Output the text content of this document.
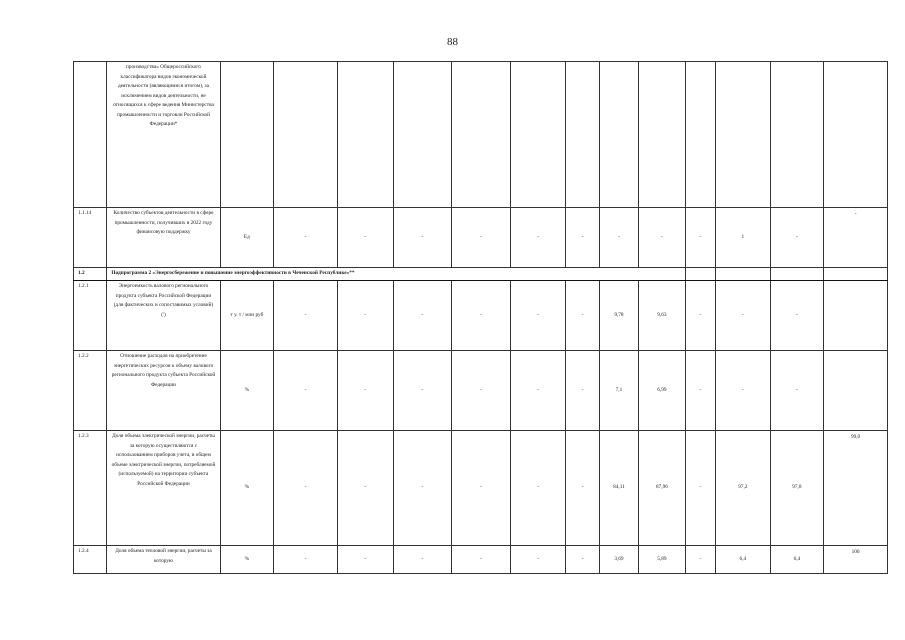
88
	производства» Общероссийского классификатора видов экономической деятельности (являющимися итогом), за исключением видов деятельности, не относящихся к сфере ведения Министерства промышленности и торговли Российской Федерации*													
1.1.14	Количество субъектов деятельности в сфере промышленности, получивших в 2022 году финансовую поддержку	Ед	-	-	-	-	-	-	-	-	-	1	-	-
1.2	Подпрограмма 2 «Энергосбережение и повышение энергоэффективности в Чеченской Республике»**													
1.2.1	Энергоемкость валового регионального продукта субъекта Российской Федерации (для фактических и сопоставимых условий) (')	т у. т / млн руб	-	-	-	-	-	-	9,78	9,63	-	-	-	
1.2.2	Отношение расходов на приобретение энергетических ресурсов к объему валового регионального продукта субъекта Российской Федерации	%	-	-	-	-	-	-	7,1	6,99	-	-	-	
1.2.3	Доля объема электрической энергии, расчеты за которую осуществляются с использованием приборов учета, в общем объеме электрической энергии, потребляемой (используемой) на территории субъекта Российской Федерации	%	-	-	-	-	-	-	84,11	87,96	-	97,2	97,8	99,0
1.2.4	Доля объема тепловой энергии, расчеты за которую	%	-	-	-	-	-	-	3,69	5,89	-	6,4	6,4	100
